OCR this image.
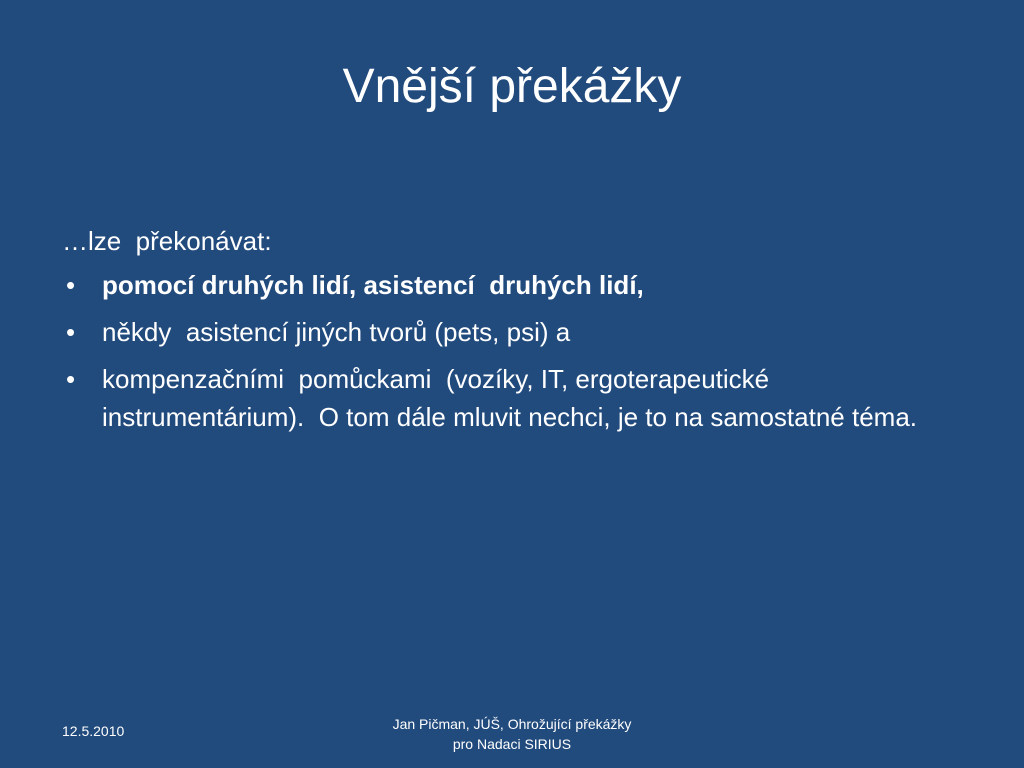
Vnější překážky
…lze  překonávat:
• pomocí druhých lidí, asistencí  druhých lidí,
• někdy  asistencí jiných tvorů (pets, psi) a
• kompenzačními  pomůckami  (vozíky, IT, ergoterapeutické instrumentárium).  O tom dále mluvit nechci, je to na samostatné téma.
12.5.2010	Jan Pičman, JÚŠ, Ohrožující překážky
pro Nadaci SIRIUS
